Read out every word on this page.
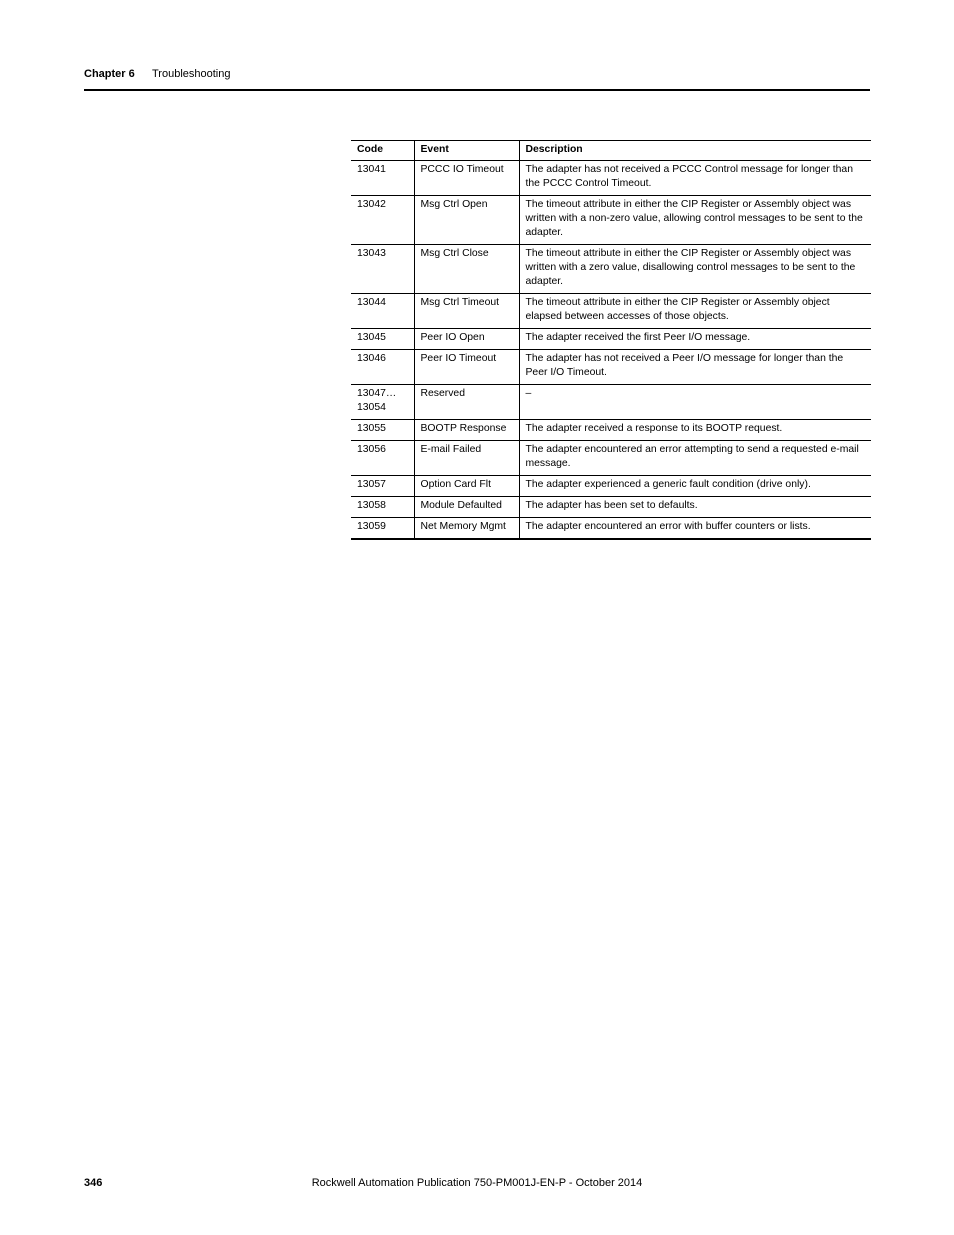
Chapter 6 Troubleshooting
Code	Event	Description
13041	PCCC IO Timeout	The adapter has not received a PCCC Control message for longer than the PCCC Control Timeout.
13042	Msg Ctrl Open	The timeout attribute in either the CIP Register or Assembly object was written with a non-zero value, allowing control messages to be sent to the adapter.
13043	Msg Ctrl Close	The timeout attribute in either the CIP Register or Assembly object was written with a zero value, disallowing control messages to be sent to the adapter.
13044	Msg Ctrl Timeout	The timeout attribute in either the CIP Register or Assembly object elapsed between accesses of those objects.
13045	Peer IO Open	The adapter received the first Peer I/O message.
13046	Peer IO Timeout	The adapter has not received a Peer I/O message for longer than the Peer I/O Timeout.
13047… 13054	Reserved	–
13055	BOOTP Response	The adapter received a response to its BOOTP request.
13056	E-mail Failed	The adapter encountered an error attempting to send a requested e-mail message.
13057	Option Card Flt	The adapter experienced a generic fault condition (drive only).
13058	Module Defaulted	The adapter has been set to defaults.
13059	Net Memory Mgmt	The adapter encountered an error with buffer counters or lists.
Rockwell Automation Publication 750-PM001J-EN-P - October 2014
346
